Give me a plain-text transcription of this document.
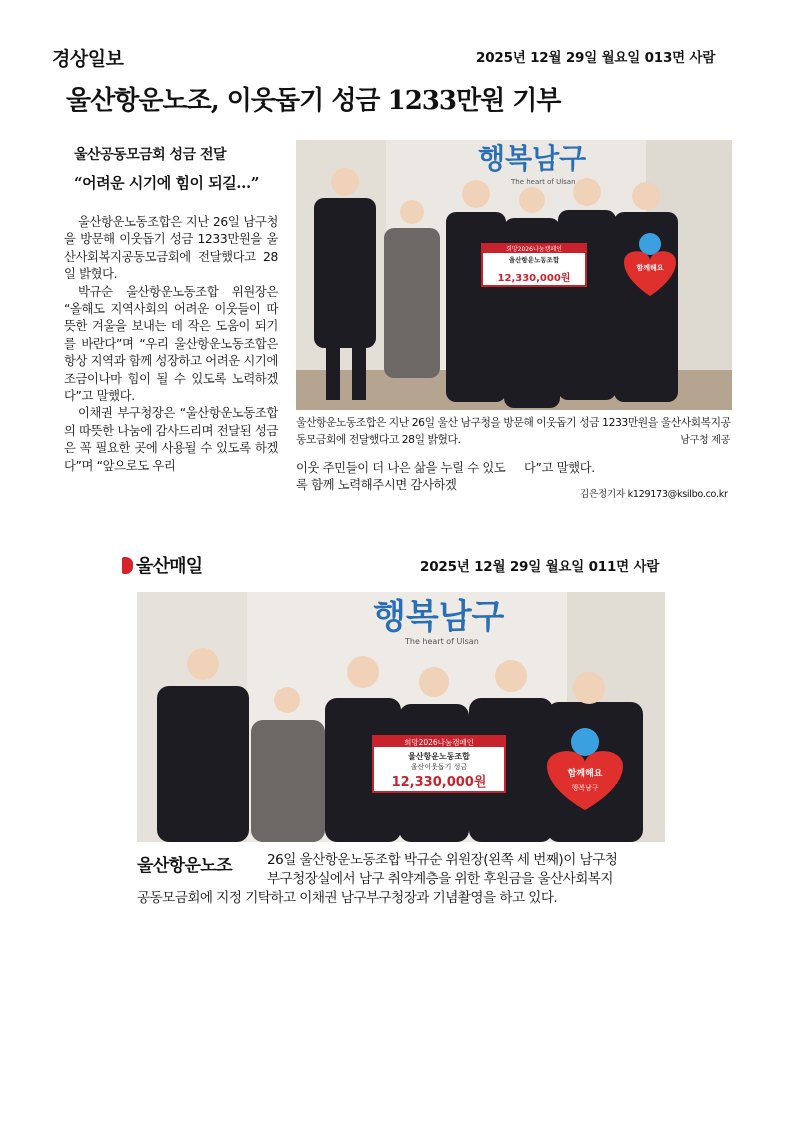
경상일보	2025년 12월 29일 월요일 013면 사람
울산항운노조, 이웃돕기 성금 1233만원 기부
울산공동모금회 성금 전달
“어려운 시기에 힘이 되길…”

울산항운노동조합은 지난 26일 남구청을 방문해 이웃돕기 성금 1233만원을 울산사회복지공동모금회에 전달했다고 28일 밝혔다.

박규순 울산항운노동조합 위원장은 “올해도 지역사회의 어려운 이웃들이 따뜻한 겨울을 보내는 데 작은 도움이 되기를 바란다”며 “우리 울산항운노동조합은 항상 지역과 함께 성장하고 어려운 시기에 조금이나마 힘이 될 수 있도록 노력하겠다”고 말했다.

이채권 부구청장은 “울산항운노동조합의 따뜻한 나눔에 감사드리며 전달된 성금은 꼭 필요한 곳에 사용될 수 있도록 하겠다”며 “앞으로도 우리

행복남구
The heart of Ulsan
희망2026나눔캠페인
울산항운노동조합
12,330,000원
함께해요
울산항운노동조합은 지난 26일 울산 남구청을 방문해 이웃돕기 성금 1233만원을 울산사회복지공동모금회에 전달했다고 28일 밝혔다.	남구청 제공
이웃 주민들이 더 나은 삶을 누릴 수 있도록 함께 노력해주시면 감사하겠
다”고 말했다.
김은정기자 k129173@ksilbo.co.kr
울산매일	2025년 12월 29일 월요일 011면 사람
행복남구
The heart of Ulsan
희망2026나눔캠페인
울산항운노동조합
울산이웃돕기 성금
12,330,000원
함께해요
행복남구
울산항운노조	26일 울산항운노동조합 박규순 위원장(왼쪽 세 번째)이 남구청
부구청장실에서 남구 취약계층을 위한 후원금을 울산사회복지
공동모금회에 지정 기탁하고 이채권 남구부구청장과 기념촬영을 하고 있다.
